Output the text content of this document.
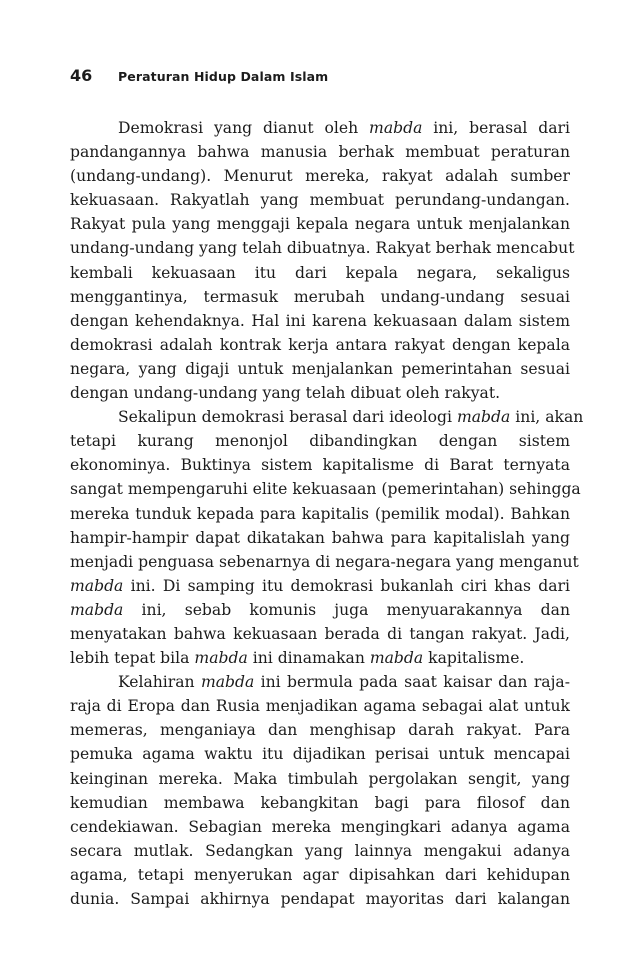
46	Peraturan Hidup Dalam Islam

Demokrasi yang dianut oleh mabda ini, berasal dari
pandangannya bahwa manusia berhak membuat peraturan
(undang-undang). Menurut mereka, rakyat adalah sumber
kekuasaan. Rakyatlah yang membuat perundang-undangan.
Rakyat pula yang menggaji kepala negara untuk menjalankan
undang-undang yang telah dibuatnya. Rakyat berhak mencabut
kembali kekuasaan itu dari kepala negara, sekaligus
menggantinya, termasuk merubah undang-undang sesuai
dengan kehendaknya. Hal ini karena kekuasaan dalam sistem
demokrasi adalah kontrak kerja antara rakyat dengan kepala
negara, yang digaji untuk menjalankan pemerintahan sesuai
dengan undang-undang yang telah dibuat oleh rakyat.

Sekalipun demokrasi berasal dari ideologi mabda ini, akan
tetapi kurang menonjol dibandingkan dengan sistem
ekonominya. Buktinya sistem kapitalisme di Barat ternyata
sangat mempengaruhi elite kekuasaan (pemerintahan) sehingga
mereka tunduk kepada para kapitalis (pemilik modal). Bahkan
hampir-hampir dapat dikatakan bahwa para kapitalislah yang
menjadi penguasa sebenarnya di negara-negara yang menganut
mabda ini. Di samping itu demokrasi bukanlah ciri khas dari
mabda ini, sebab komunis juga menyuarakannya dan
menyatakan bahwa kekuasaan berada di tangan rakyat. Jadi,
lebih tepat bila mabda ini dinamakan mabda kapitalisme.

Kelahiran mabda ini bermula pada saat kaisar dan raja-
raja di Eropa dan Rusia menjadikan agama sebagai alat untuk
memeras, menganiaya dan menghisap darah rakyat. Para
pemuka agama waktu itu dijadikan perisai untuk mencapai
keinginan mereka. Maka timbulah pergolakan sengit, yang
kemudian membawa kebangkitan bagi para filosof dan
cendekiawan. Sebagian mereka mengingkari adanya agama
secara mutlak. Sedangkan yang lainnya mengakui adanya
agama, tetapi menyerukan agar dipisahkan dari kehidupan
dunia. Sampai akhirnya pendapat mayoritas dari kalangan
